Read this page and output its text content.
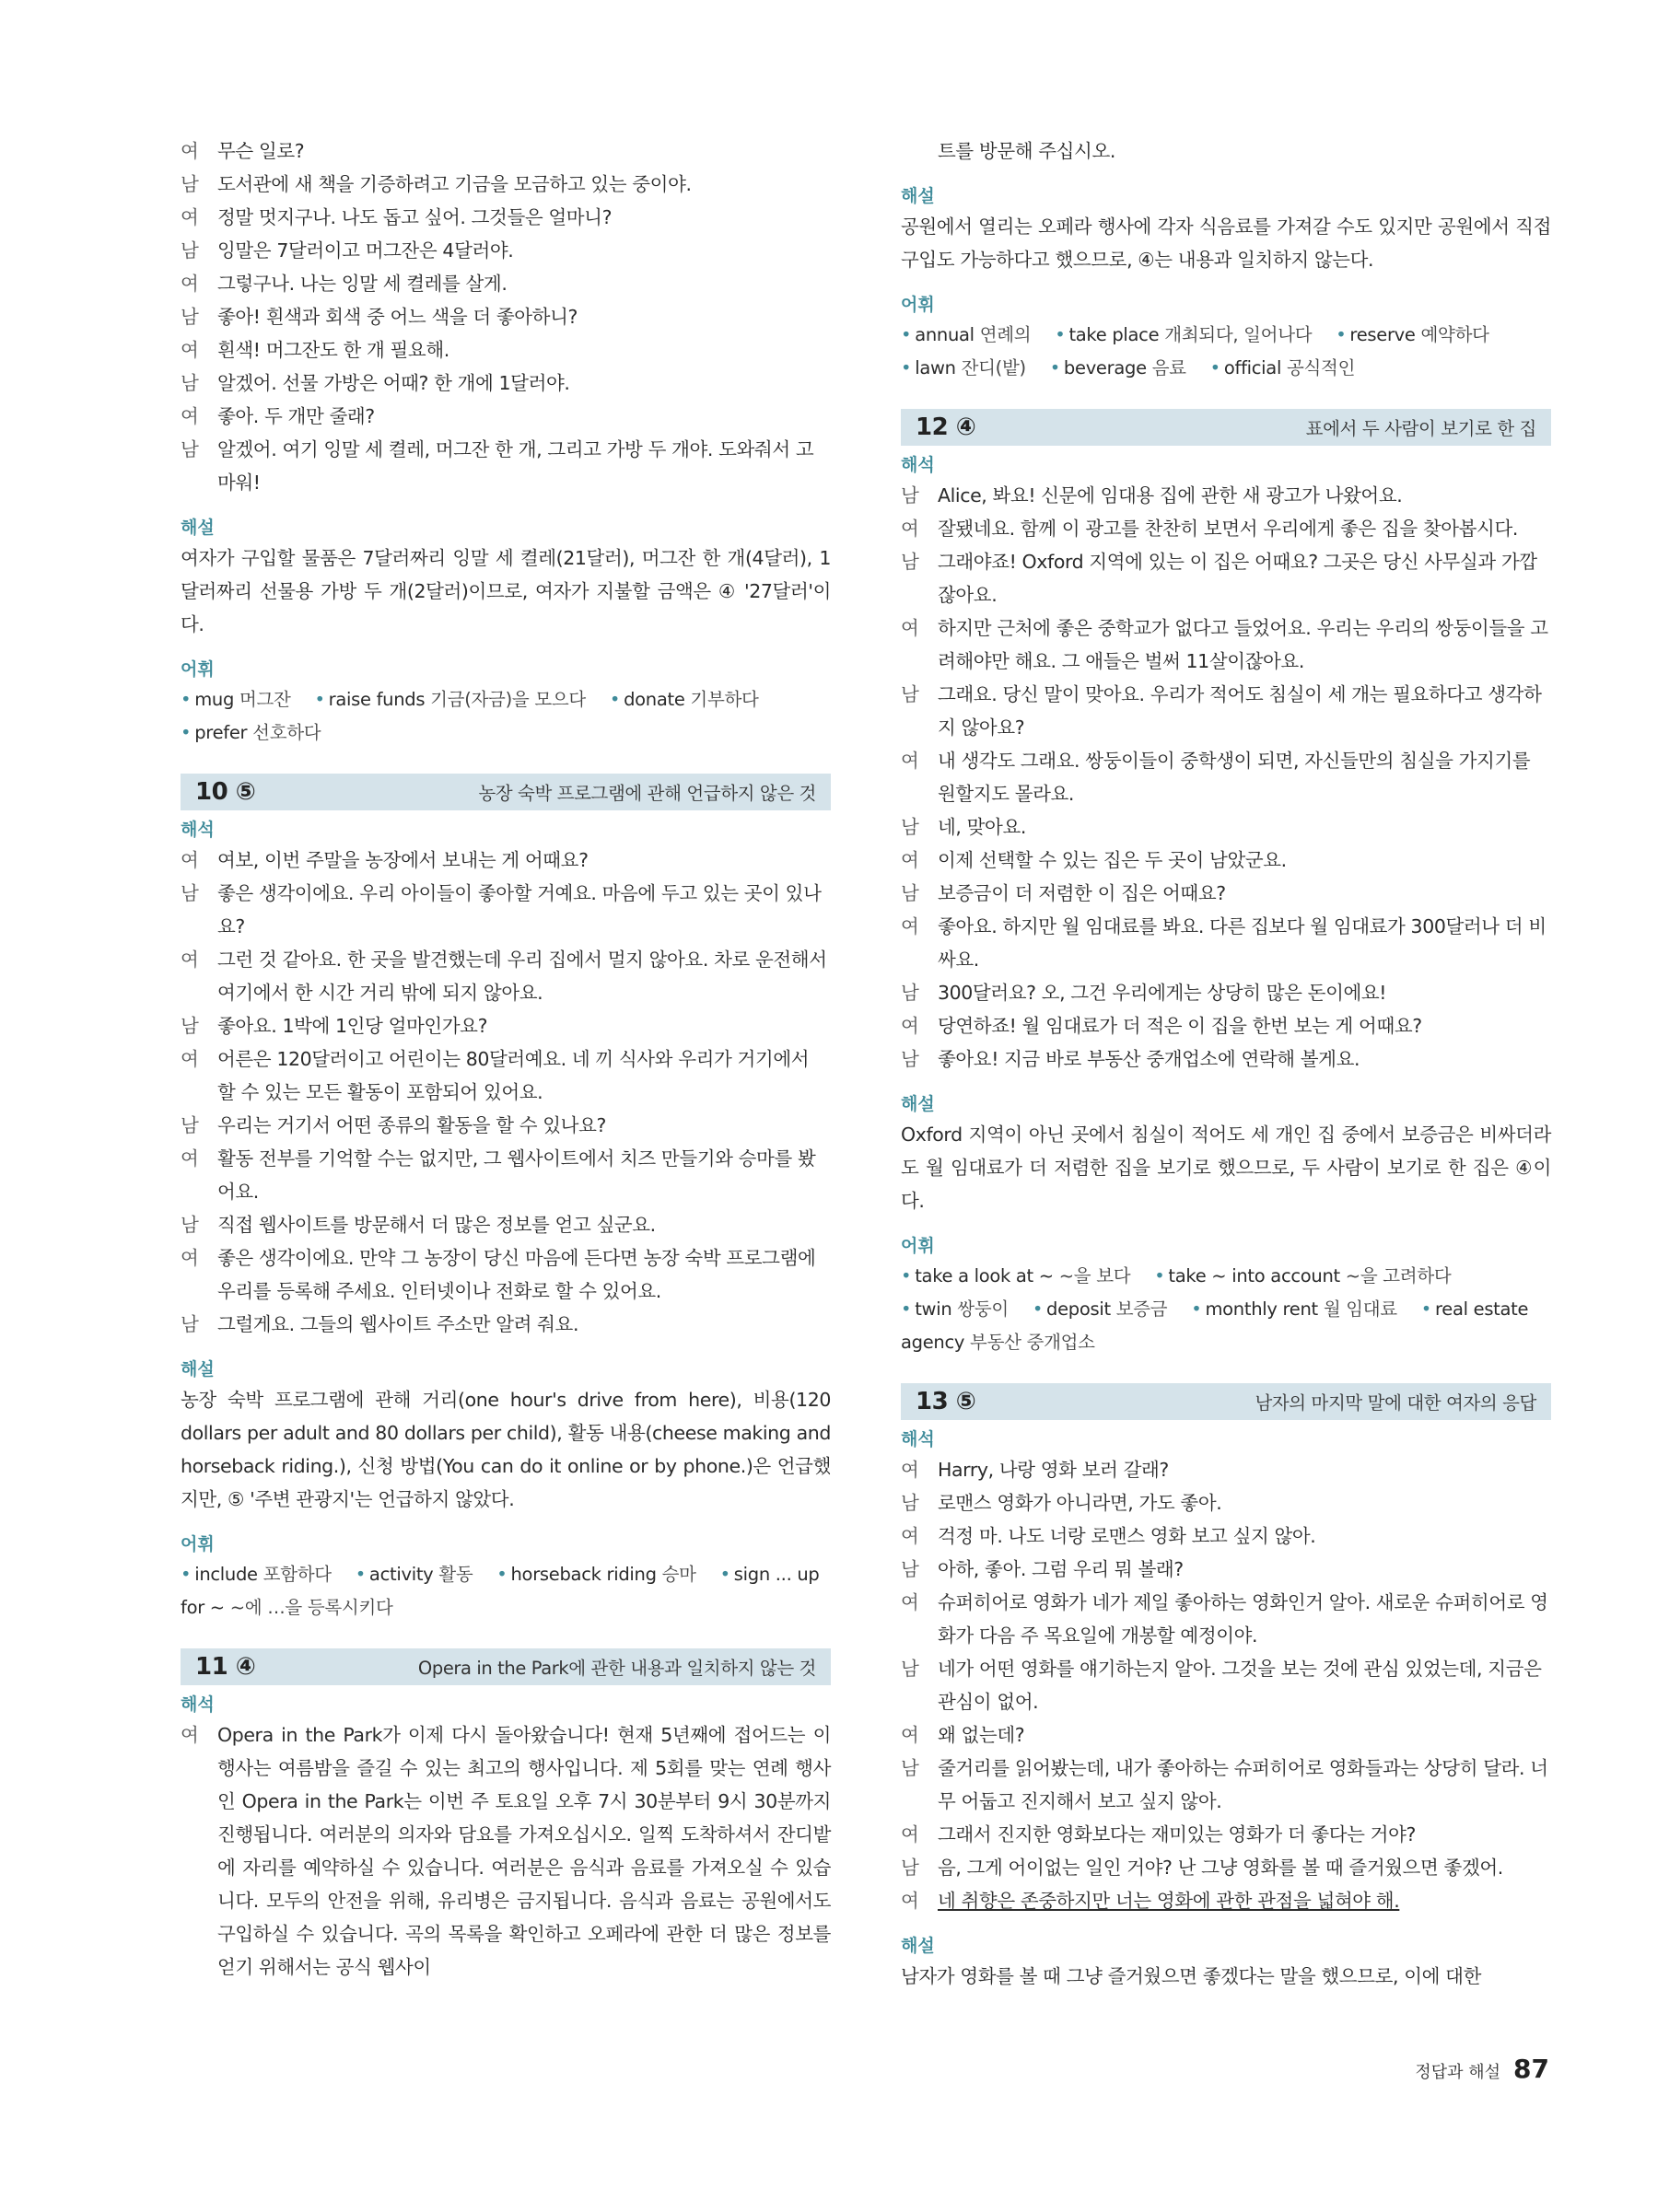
여	무슨 일로?
남	도서관에 새 책을 기증하려고 기금을 모금하고 있는 중이야.
여	정말 멋지구나. 나도 돕고 싶어. 그것들은 얼마니?
남	잉말은 7달러이고 머그잔은 4달러야.
여	그렇구나. 나는 잉말 세 켤레를 살게.
남	좋아! 흰색과 회색 중 어느 색을 더 좋아하니?
여	흰색! 머그잔도 한 개 필요해.
남	알겠어. 선물 가방은 어때? 한 개에 1달러야.
여	좋아. 두 개만 줄래?
남	알겠어. 여기 잉말 세 켤레, 머그잔 한 개, 그리고 가방 두 개야. 도와줘서 고마워!
해설
여자가 구입할 물품은 7달러짜리 잉말 세 켤레(21달러), 머그잔 한 개(4달러), 1달러짜리 선물용 가방 두 개(2달러)이므로, 여자가 지불할 금액은 ④ '27달러'이다.
어휘
• mug 머그잔 • raise funds 기금(자금)을 모으다 • donate 기부하다 • prefer 선호하다
10 ⑤	농장 숙박 프로그램에 관해 언급하지 않은 것
해석
여	여보, 이번 주말을 농장에서 보내는 게 어때요?
남	좋은 생각이에요. 우리 아이들이 좋아할 거예요. 마음에 두고 있는 곳이 있나요?
여	그런 것 같아요. 한 곳을 발견했는데 우리 집에서 멀지 않아요. 차로 운전해서 여기에서 한 시간 거리 밖에 되지 않아요.
남	좋아요. 1박에 1인당 얼마인가요?
여	어른은 120달러이고 어린이는 80달러예요. 네 끼 식사와 우리가 거기에서 할 수 있는 모든 활동이 포함되어 있어요.
남	우리는 거기서 어떤 종류의 활동을 할 수 있나요?
여	활동 전부를 기억할 수는 없지만, 그 웹사이트에서 치즈 만들기와 승마를 봤어요.
남	직접 웹사이트를 방문해서 더 많은 정보를 얻고 싶군요.
여	좋은 생각이에요. 만약 그 농장이 당신 마음에 든다면 농장 숙박 프로그램에 우리를 등록해 주세요. 인터넷이나 전화로 할 수 있어요.
남	그럴게요. 그들의 웹사이트 주소만 알려 줘요.
해설
농장 숙박 프로그램에 관해 거리(one hour's drive from here), 비용(120 dollars per adult and 80 dollars per child), 활동 내용(cheese making and horseback riding.), 신청 방법(You can do it online or by phone.)은 언급했지만, ⑤ '주변 관광지'는 언급하지 않았다.
어휘
• include 포함하다 • activity 활동 • horseback riding 승마 • sign ... up for ~ ~에 …을 등록시키다
11 ④	Opera in the Park에 관한 내용과 일치하지 않는 것
해석
여	Opera in the Park가 이제 다시 돌아왔습니다! 현재 5년째에 접어드는 이 행사는 여름밤을 즐길 수 있는 최고의 행사입니다. 제 5회를 맞는 연례 행사인 Opera in the Park는 이번 주 토요일 오후 7시 30분부터 9시 30분까지 진행됩니다. 여러분의 의자와 담요를 가져오십시오. 일찍 도착하셔서 잔디밭에 자리를 예약하실 수 있습니다. 여러분은 음식과 음료를 가져오실 수 있습니다. 모두의 안전을 위해, 유리병은 금지됩니다. 음식과 음료는 공원에서도 구입하실 수 있습니다. 곡의 목록을 확인하고 오페라에 관한 더 많은 정보를 얻기 위해서는 공식 웹사이
트를 방문해 주십시오.
해설
공원에서 열리는 오페라 행사에 각자 식음료를 가져갈 수도 있지만 공원에서 직접 구입도 가능하다고 했으므로, ④는 내용과 일치하지 않는다.
어휘
• annual 연례의 • take place 개최되다, 일어나다 • reserve 예약하다 • lawn 잔디(밭) • beverage 음료 • official 공식적인
12 ④	표에서 두 사람이 보기로 한 집
해석
남	Alice, 봐요! 신문에 임대용 집에 관한 새 광고가 나왔어요.
여	잘됐네요. 함께 이 광고를 찬찬히 보면서 우리에게 좋은 집을 찾아봅시다.
남	그래야죠! Oxford 지역에 있는 이 집은 어때요? 그곳은 당신 사무실과 가깝잖아요.
여	하지만 근처에 좋은 중학교가 없다고 들었어요. 우리는 우리의 쌍둥이들을 고려해야만 해요. 그 애들은 벌써 11살이잖아요.
남	그래요. 당신 말이 맞아요. 우리가 적어도 침실이 세 개는 필요하다고 생각하지 않아요?
여	내 생각도 그래요. 쌍둥이들이 중학생이 되면, 자신들만의 침실을 가지기를 원할지도 몰라요.
남	네, 맞아요.
여	이제 선택할 수 있는 집은 두 곳이 남았군요.
남	보증금이 더 저렴한 이 집은 어때요?
여	좋아요. 하지만 월 임대료를 봐요. 다른 집보다 월 임대료가 300달러나 더 비싸요.
남	300달러요? 오, 그건 우리에게는 상당히 많은 돈이에요!
여	당연하죠! 월 임대료가 더 적은 이 집을 한번 보는 게 어때요?
남	좋아요! 지금 바로 부동산 중개업소에 연락해 볼게요.
해설
Oxford 지역이 아닌 곳에서 침실이 적어도 세 개인 집 중에서 보증금은 비싸더라도 월 임대료가 더 저렴한 집을 보기로 했으므로, 두 사람이 보기로 한 집은 ④이다.
어휘
• take a look at ~ ~을 보다 • take ~ into account ~을 고려하다 • twin 쌍둥이 • deposit 보증금 • monthly rent 월 임대료 • real estate agency 부동산 중개업소
13 ⑤	남자의 마지막 말에 대한 여자의 응답
해석
여	Harry, 나랑 영화 보러 갈래?
남	로맨스 영화가 아니라면, 가도 좋아.
여	걱정 마. 나도 너랑 로맨스 영화 보고 싶지 않아.
남	아하, 좋아. 그럼 우리 뭐 볼래?
여	슈퍼히어로 영화가 네가 제일 좋아하는 영화인거 알아. 새로운 슈퍼히어로 영화가 다음 주 목요일에 개봉할 예정이야.
남	네가 어떤 영화를 얘기하는지 알아. 그것을 보는 것에 관심 있었는데, 지금은 관심이 없어.
여	왜 없는데?
남	줄거리를 읽어봤는데, 내가 좋아하는 슈퍼히어로 영화들과는 상당히 달라. 너무 어둡고 진지해서 보고 싶지 않아.
여	그래서 진지한 영화보다는 재미있는 영화가 더 좋다는 거야?
남	음, 그게 어이없는 일인 거야? 난 그냥 영화를 볼 때 즐거웠으면 좋겠어.
여	네 취향은 존중하지만 너는 영화에 관한 관점을 넓혀야 해.
해설
남자가 영화를 볼 때 그냥 즐거웠으면 좋겠다는 말을 했으므로, 이에 대한
정답과 해설 87
